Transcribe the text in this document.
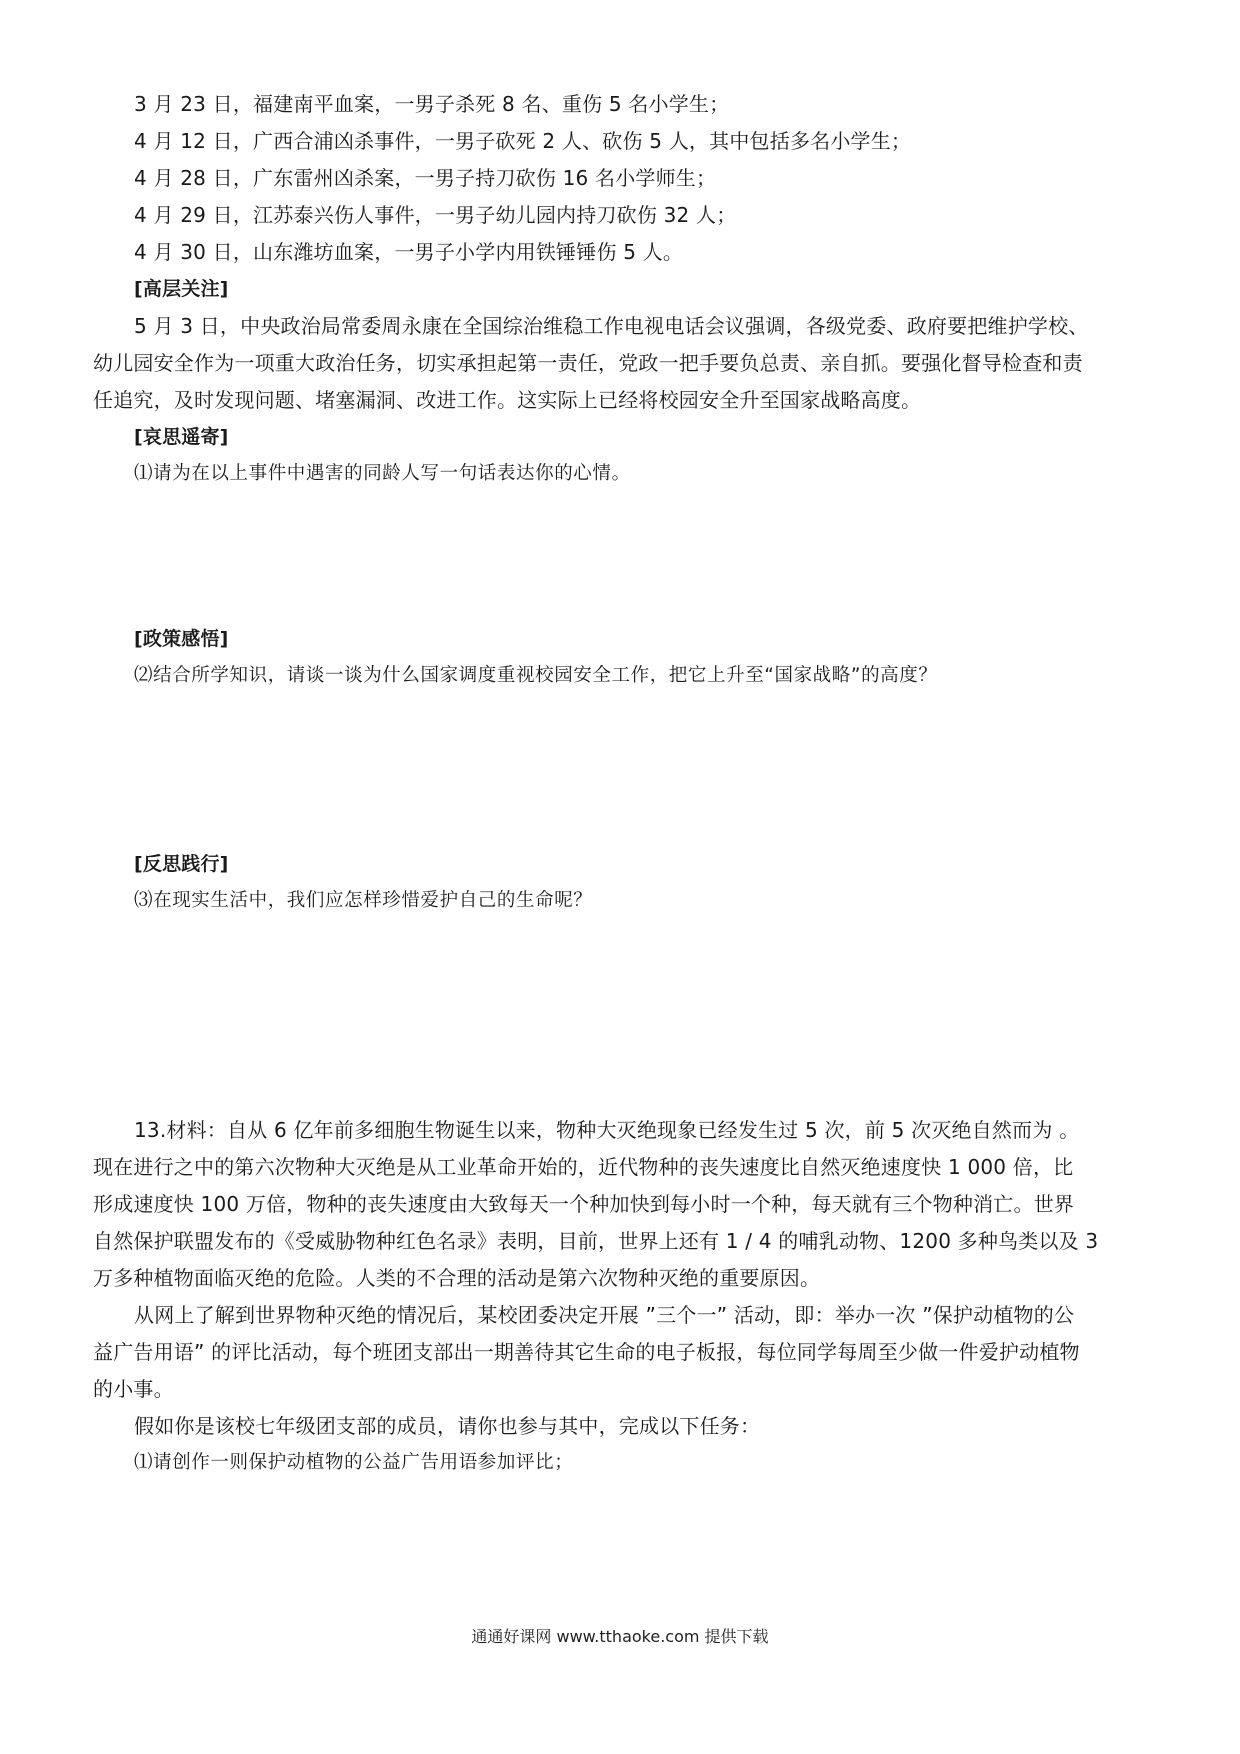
3 月 23 日，福建南平血案，一男子杀死 8 名、重伤 5 名小学生；
4 月 12 日，广西合浦凶杀事件，一男子砍死 2 人、砍伤 5 人，其中包括多名小学生；
4 月 28 日，广东雷州凶杀案，一男子持刀砍伤 16 名小学师生；
4 月 29 日，江苏泰兴伤人事件，一男子幼儿园内持刀砍伤 32 人；
4 月 30 日，山东潍坊血案，一男子小学内用铁锤锤伤 5 人。
[高层关注]
5 月 3 日，中央政治局常委周永康在全国综治维稳工作电视电话会议强调，各级党委、政府要把维护学校、
幼儿园安全作为一项重大政治任务，切实承担起第一责任，党政一把手要负总责、亲自抓。要强化督导检查和责
任追究，及时发现问题、堵塞漏洞、改进工作。这实际上已经将校园安全升至国家战略高度。
[哀思遥寄]
⑴请为在以上事件中遇害的同龄人写一句话表达你的心情。
[政策感悟]
⑵结合所学知识，请谈一谈为什么国家调度重视校园安全工作，把它上升至“国家战略”的高度？
[反思践行]
⑶在现实生活中，我们应怎样珍惜爱护自己的生命呢？
13.材料：自从 6 亿年前多细胞生物诞生以来，物种大灭绝现象已经发生过 5 次，前 5 次灭绝自然而为 。
现在进行之中的第六次物种大灭绝是从工业革命开始的，近代物种的丧失速度比自然灭绝速度快 1 000 倍，比
形成速度快 100 万倍，物种的丧失速度由大致每天一个种加快到每小时一个种，每天就有三个物种消亡。世界
自然保护联盟发布的《受威胁物种红色名录》表明，目前，世界上还有 1 / 4 的哺乳动物、1200 多种鸟类以及 3
万多种植物面临灭绝的危险。人类的不合理的活动是第六次物种灭绝的重要原因。
从网上了解到世界物种灭绝的情况后，某校团委决定开展 ”三个一” 活动，即：举办一次 ”保护动植物的公
益广告用语” 的评比活动，每个班团支部出一期善待其它生命的电子板报，每位同学每周至少做一件爱护动植物
的小事。
假如你是该校七年级团支部的成员，请你也参与其中，完成以下任务：
⑴请创作一则保护动植物的公益广告用语参加评比；
通通好课网 www.tthaoke.com 提供下载
